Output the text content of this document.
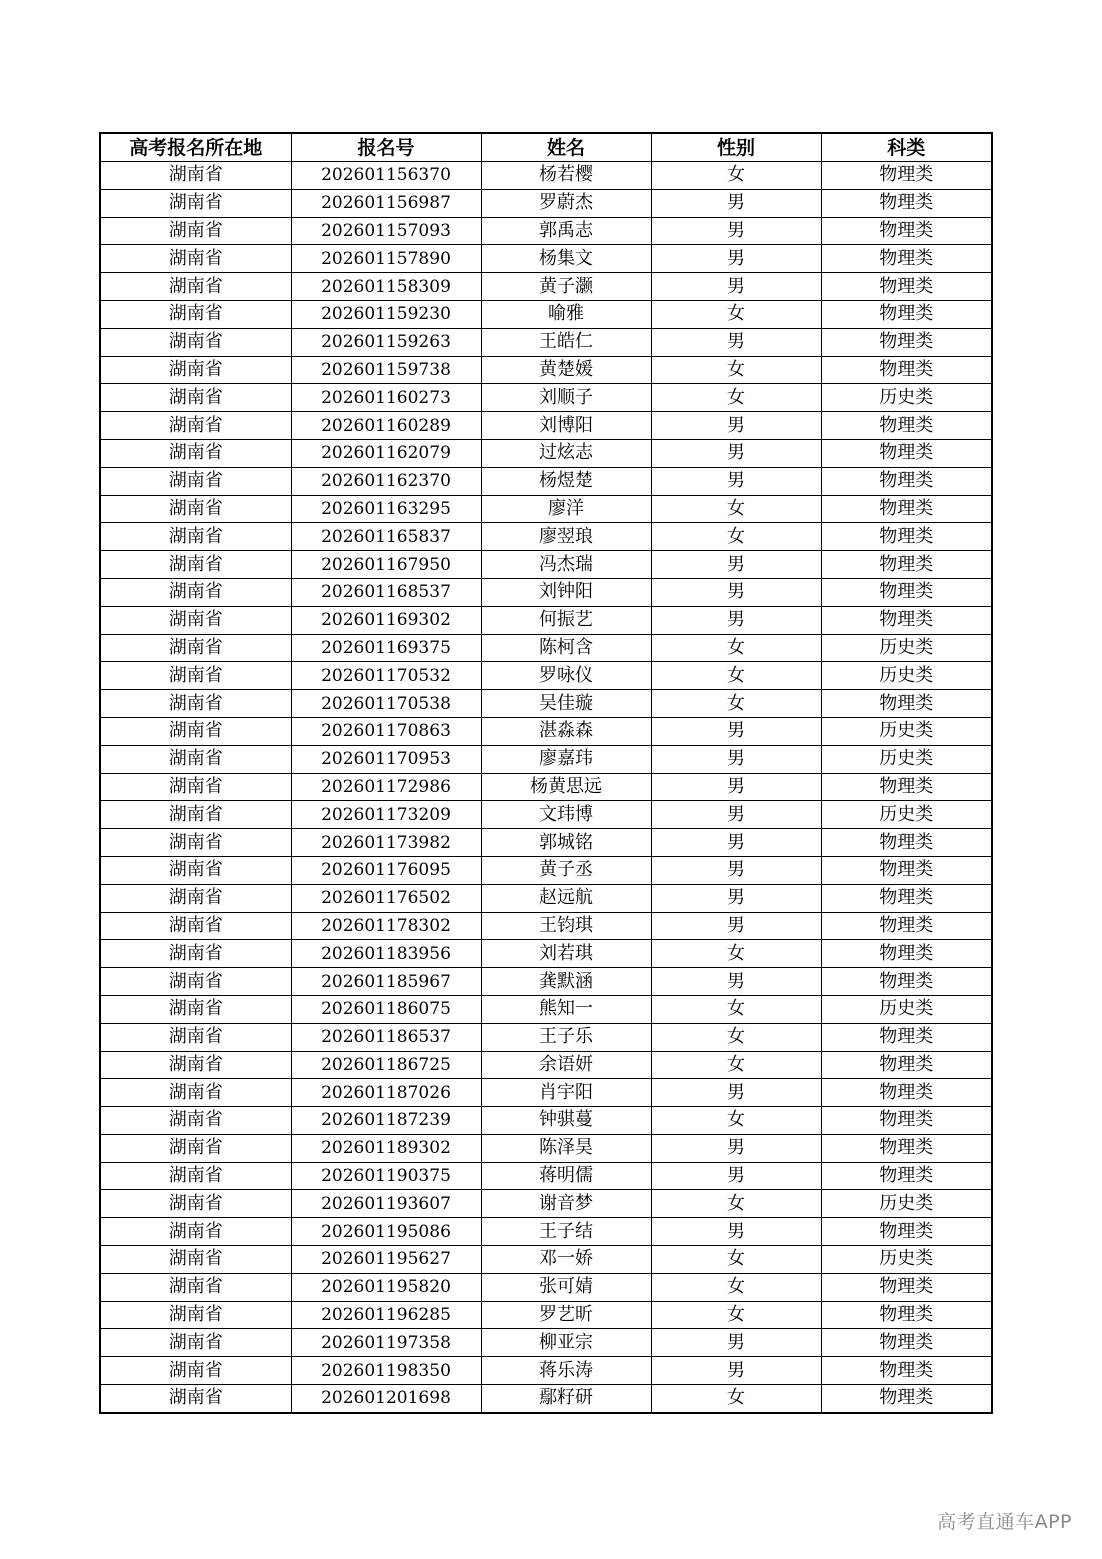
高考报名所在地	报名号	姓名	性别	科类
湖南省	202601156370	杨若樱	女	物理类
湖南省	202601156987	罗蔚杰	男	物理类
湖南省	202601157093	郭禹志	男	物理类
湖南省	202601157890	杨集文	男	物理类
湖南省	202601158309	黄子灏	男	物理类
湖南省	202601159230	喻雅	女	物理类
湖南省	202601159263	王皓仁	男	物理类
湖南省	202601159738	黄楚媛	女	物理类
湖南省	202601160273	刘顺子	女	历史类
湖南省	202601160289	刘博阳	男	物理类
湖南省	202601162079	过炫志	男	物理类
湖南省	202601162370	杨煜楚	男	物理类
湖南省	202601163295	廖洋	女	物理类
湖南省	202601165837	廖翌琅	女	物理类
湖南省	202601167950	冯杰瑞	男	物理类
湖南省	202601168537	刘钟阳	男	物理类
湖南省	202601169302	何振艺	男	物理类
湖南省	202601169375	陈柯含	女	历史类
湖南省	202601170532	罗咏仪	女	历史类
湖南省	202601170538	吴佳璇	女	物理类
湖南省	202601170863	湛淼森	男	历史类
湖南省	202601170953	廖嘉玮	男	历史类
湖南省	202601172986	杨黄思远	男	物理类
湖南省	202601173209	文玮博	男	历史类
湖南省	202601173982	郭城铭	男	物理类
湖南省	202601176095	黄子丞	男	物理类
湖南省	202601176502	赵远航	男	物理类
湖南省	202601178302	王钧琪	男	物理类
湖南省	202601183956	刘若琪	女	物理类
湖南省	202601185967	龚默涵	男	物理类
湖南省	202601186075	熊知一	女	历史类
湖南省	202601186537	王子乐	女	物理类
湖南省	202601186725	余语妍	女	物理类
湖南省	202601187026	肖宇阳	男	物理类
湖南省	202601187239	钟骐蔓	女	物理类
湖南省	202601189302	陈泽昊	男	物理类
湖南省	202601190375	蒋明儒	男	物理类
湖南省	202601193607	谢音梦	女	历史类
湖南省	202601195086	王子结	男	物理类
湖南省	202601195627	邓一娇	女	历史类
湖南省	202601195820	张可婧	女	物理类
湖南省	202601196285	罗艺昕	女	物理类
湖南省	202601197358	柳亚宗	男	物理类
湖南省	202601198350	蒋乐涛	男	物理类
湖南省	202601201698	鄢籽研	女	物理类
高考直通车APP
